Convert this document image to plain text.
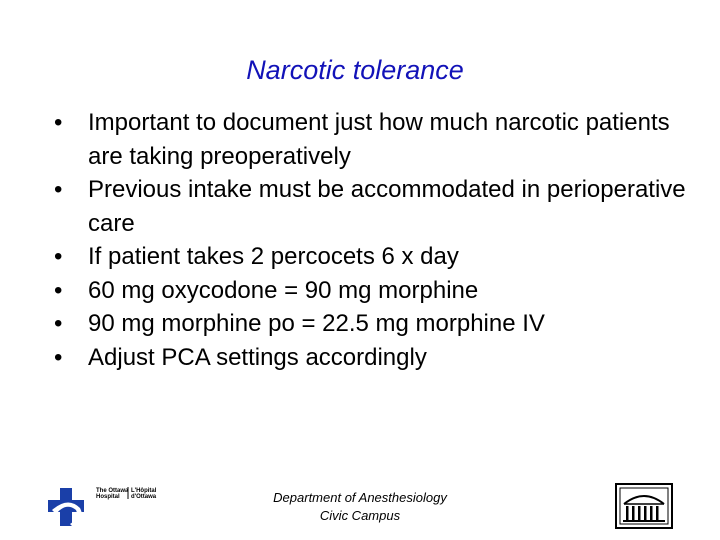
Narcotic tolerance
•	Important to document just how much narcotic patients are taking preoperatively
•	Previous intake must be accommodated in perioperative care
•	If patient takes 2 percocets 6 x day
•	60 mg oxycodone = 90 mg morphine
•	90 mg morphine po = 22.5 mg morphine IV
•	Adjust PCA settings accordingly
The Ottawa
Hospital
L'Hôpital
d'Ottawa	Department of Anesthesiology
Civic Campus
